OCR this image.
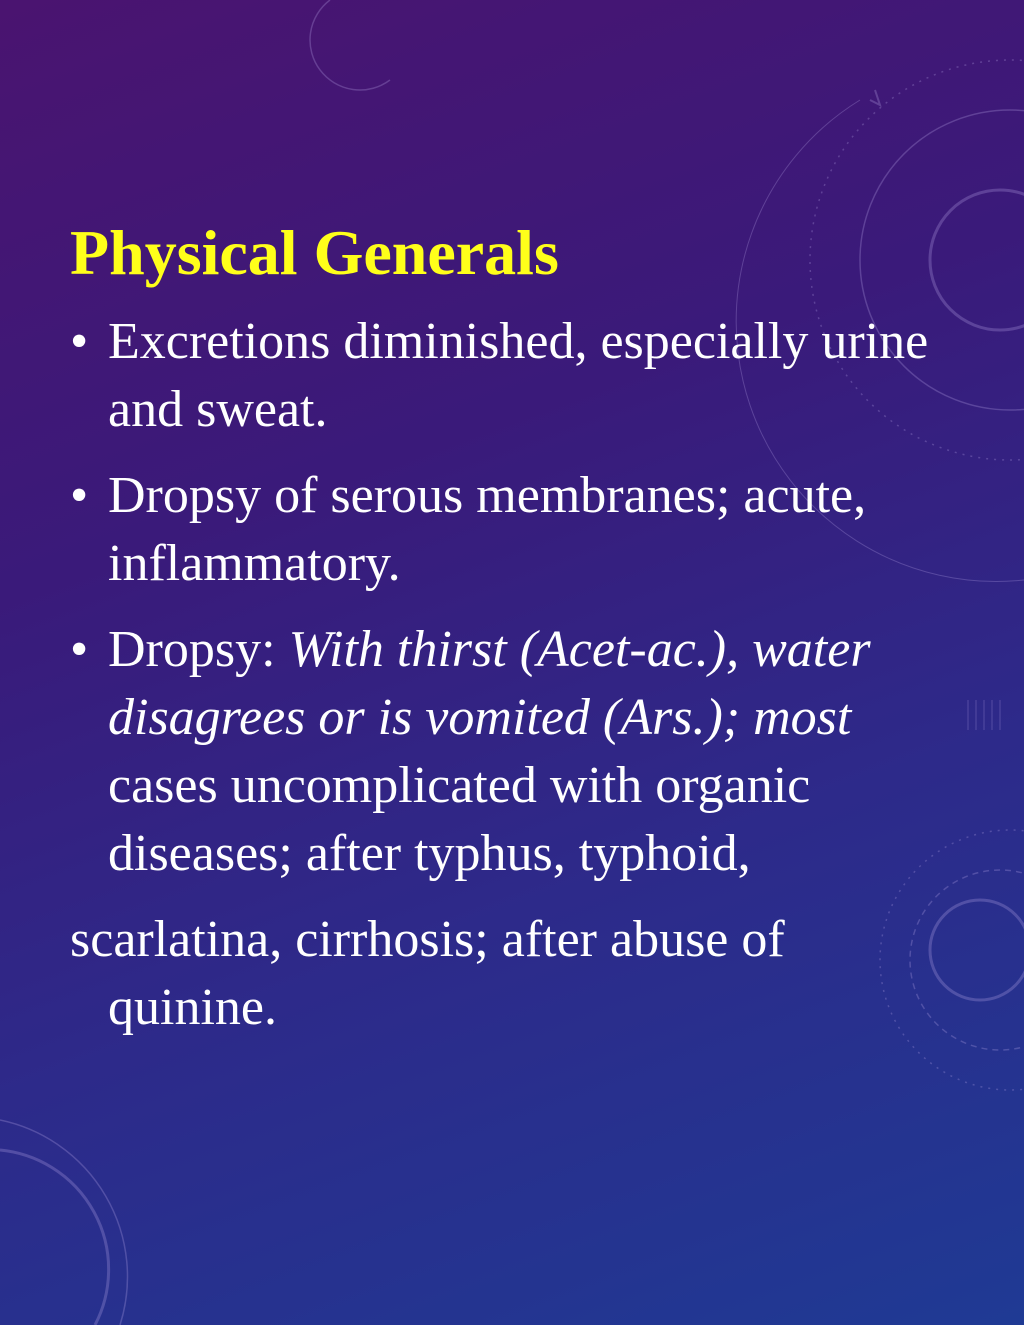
Physical Generals
• Excretions diminished, especially urine and sweat.
• Dropsy of serous membranes; acute, inflammatory.
• Dropsy: With thirst (Acet-ac.), water disagrees or is vomited (Ars.); most cases uncomplicated with organic diseases; after typhus, typhoid,
scarlatina, cirrhosis; after abuse of quinine.
